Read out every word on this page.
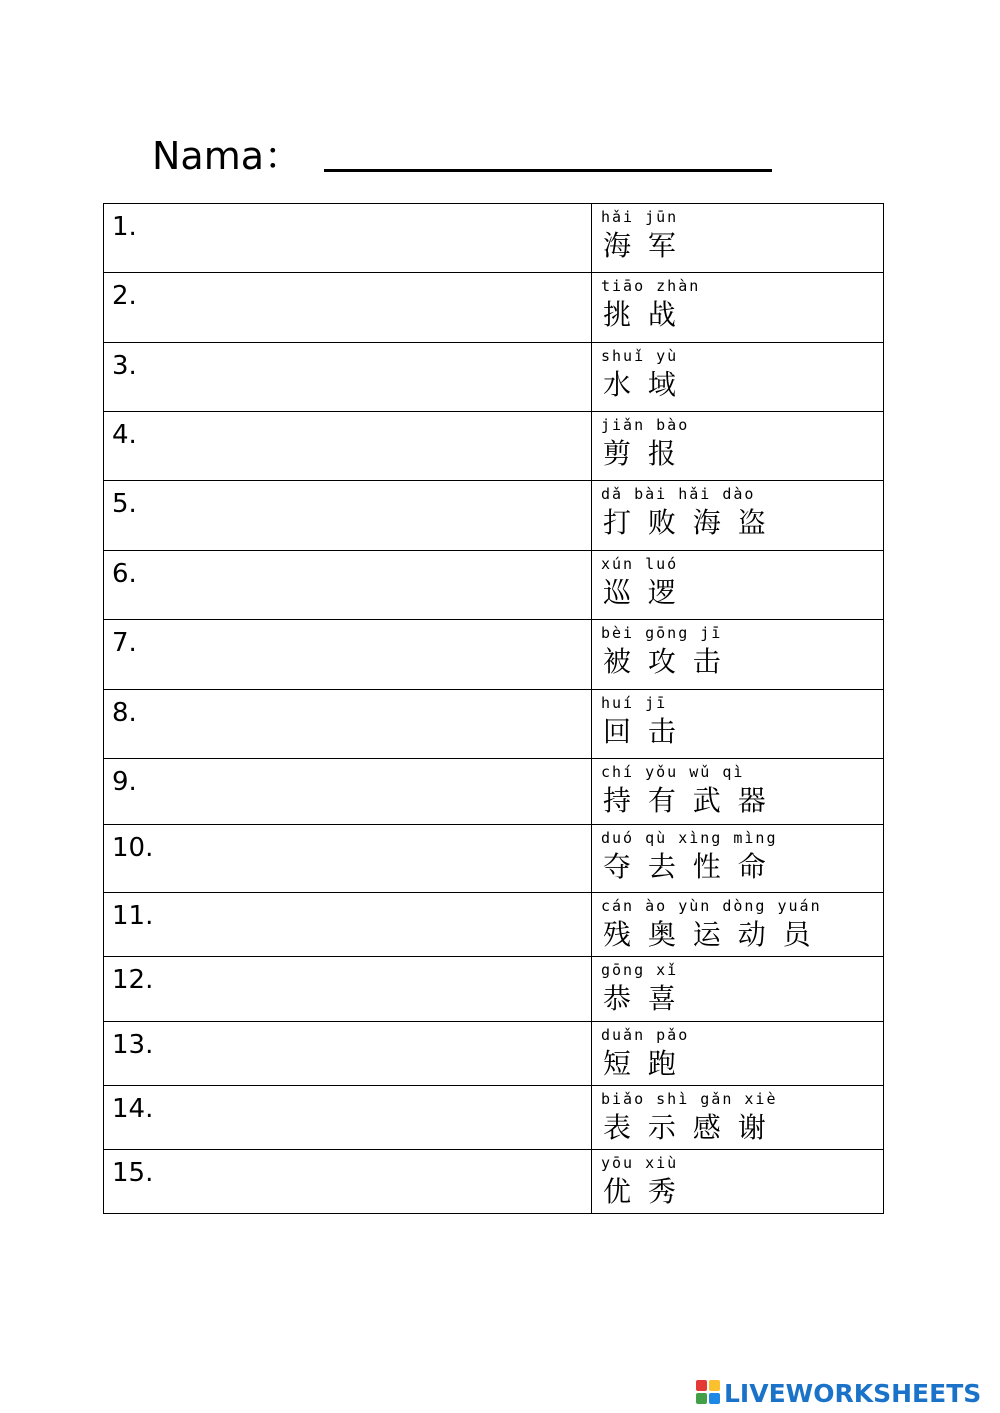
Nama：
1.	hǎi jūn
海 军

2.	tiāo zhàn
挑 战

3.	shuǐ yù
水 域

4.	jiǎn bào
剪 报

5.	dǎ bài hǎi dào
打 败 海 盗

6.	xún luó
巡 逻

7.	bèi gōng jī
被 攻 击

8.	huí jī
回 击

9.	chí yǒu wǔ qì
持 有 武 器

10.	duó qù xìng mìng
夺 去 性 命

11.	cán ào yùn dòng yuán
残 奥 运 动 员

12.	gōng xǐ
恭 喜

13.	duǎn pǎo
短 跑

14.	biǎo shì gǎn xiè
表 示 感 谢

15.	yōu xiù
优 秀
LIVEWORKSHEETS
